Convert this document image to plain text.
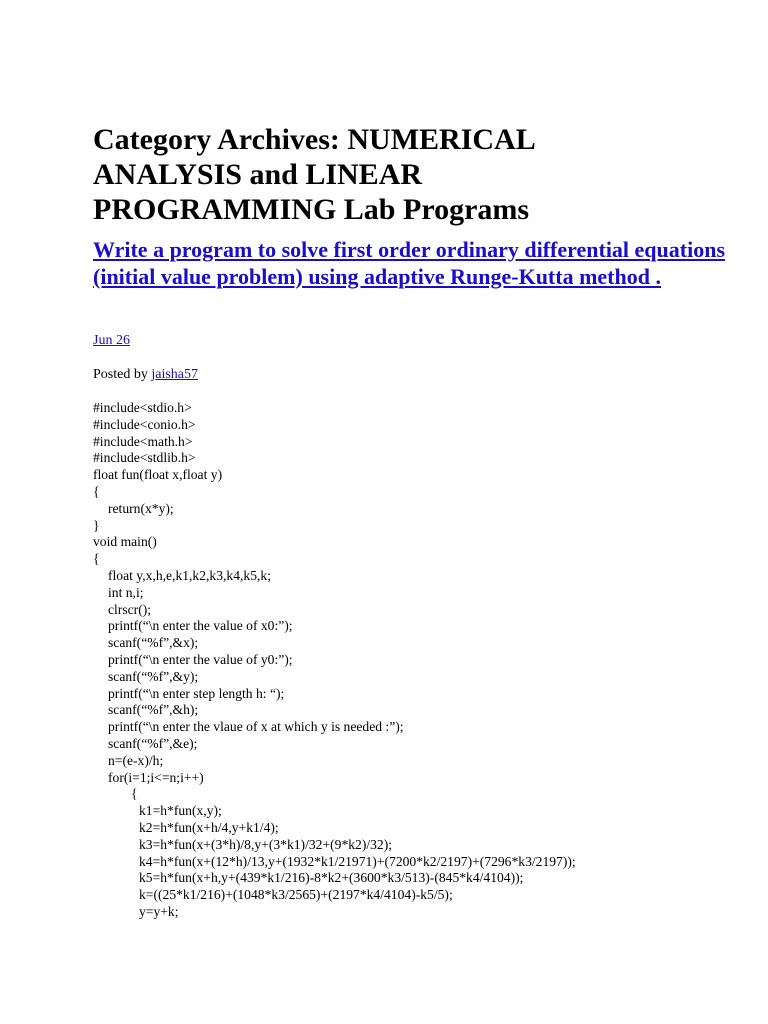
Category Archives: NUMERICAL ANALYSIS and LINEAR PROGRAMMING Lab Programs
Write a program to solve first order ordinary differential equations (initial value problem) using adaptive Runge-Kutta method .
Jun 26
Posted by jaisha57
#include<stdio.h>
#include<conio.h>
#include<math.h>
#include<stdlib.h>
float fun(float x,float y)
{
return(x*y);
}
void main()
{
float y,x,h,e,k1,k2,k3,k4,k5,k;
int n,i;
clrscr();
printf(“\n enter the value of x0:”);
scanf(“%f”,&x);
printf(“\n enter the value of y0:”);
scanf(“%f”,&y);
printf(“\n enter step length h: “);
scanf(“%f”,&h);
printf(“\n enter the vlaue of x at which y is needed :”);
scanf(“%f”,&e);
n=(e-x)/h;
for(i=1;i<=n;i++)
{
k1=h*fun(x,y);
k2=h*fun(x+h/4,y+k1/4);
k3=h*fun(x+(3*h)/8,y+(3*k1)/32+(9*k2)/32);
k4=h*fun(x+(12*h)/13,y+(1932*k1/21971)+(7200*k2/2197)+(7296*k3/2197));
k5=h*fun(x+h,y+(439*k1/216)-8*k2+(3600*k3/513)-(845*k4/4104));
k=((25*k1/216)+(1048*k3/2565)+(2197*k4/4104)-k5/5);
y=y+k;
